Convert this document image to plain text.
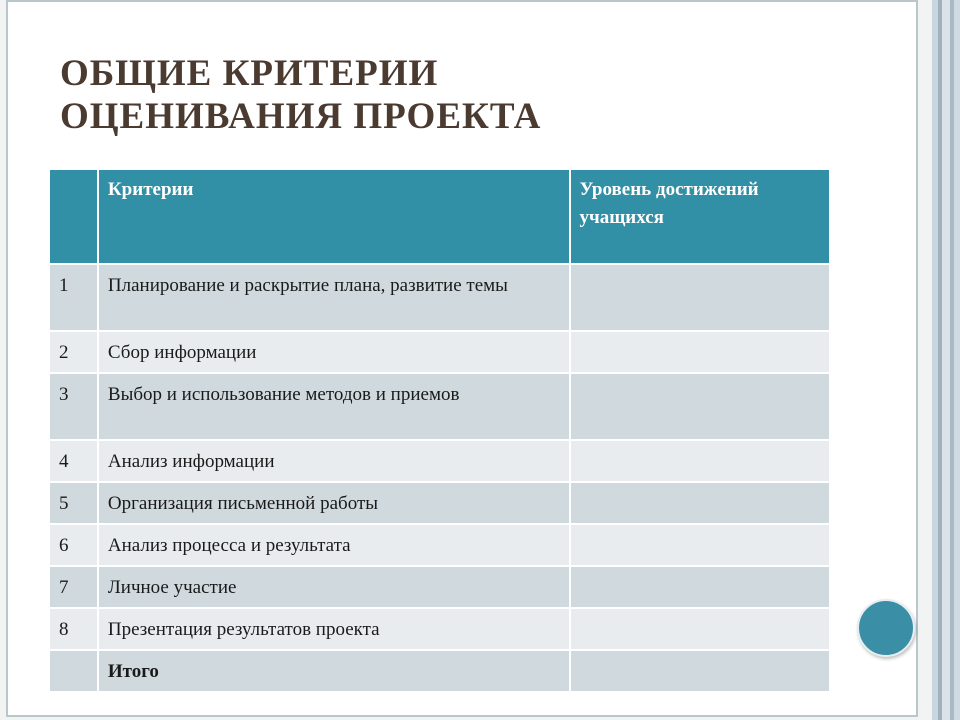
ОБЩИЕ КРИТЕРИИ
ОЦЕНИВАНИЯ ПРОЕКТА
	Критерии	Уровень достижений учащихся
1	Планирование и раскрытие плана, развитие темы	
2	Сбор информации	
3	Выбор и использование методов и приемов	
4	Анализ информации	
5	Организация письменной работы	
6	Анализ процесса и результата	
7	Личное участие	
8	Презентация результатов проекта	
	Итого	
